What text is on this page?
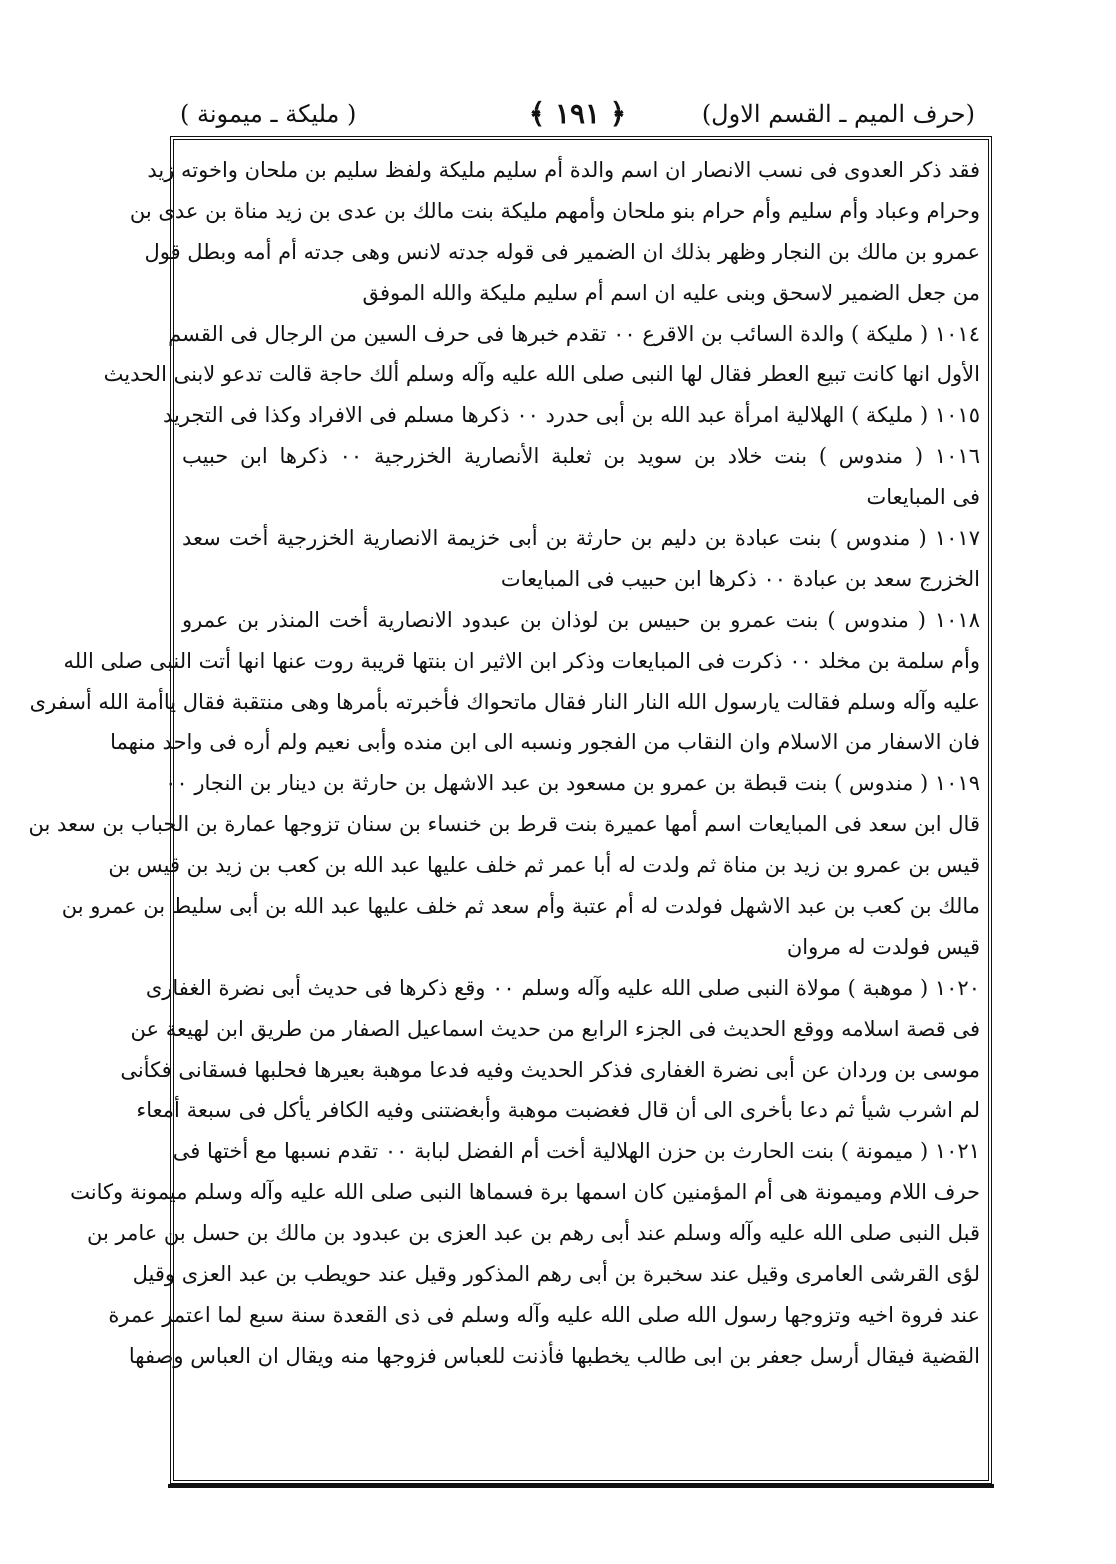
(حرف الميم ـ القسم الاول)
﴿ ١٩١ ﴾
( مليكة ـ ميمونة )
فقد ذكر العدوى فى نسب الانصار ان اسم والدة أم سليم مليكة ولفظ سليم بن ملحان واخوته زيد
وحرام وعباد وأم سليم وأم حرام بنو ملحان وأمهم مليكة بنت مالك بن عدى بن زيد مناة بن عدى بن
عمرو بن مالك بن النجار وظهر بذلك ان الضمير فى قوله جدته لانس وهى جدته أم أمه وبطل قول
من جعل الضمير لاسحق وبنى عليه ان اسم أم سليم مليكة والله الموفق
١٠١٤ ( مليكة ) والدة السائب بن الاقرع ٠٠ تقدم خبرها فى حرف السين من الرجال فى القسم
الأول انها كانت تبيع العطر فقال لها النبى صلى الله عليه وآله وسلم ألك حاجة قالت تدعو لابنى الحديث
١٠١٥ ( مليكة ) الهلالية امرأة عبد الله بن أبى حدرد ٠٠ ذكرها مسلم فى الافراد وكذا فى التجريد
١٠١٦ ( مندوس ) بنت خلاد بن سويد بن ثعلبة الأنصارية الخزرجية ٠٠ ذكرها ابن حبيب
فى المبايعات
١٠١٧ ( مندوس ) بنت عبادة بن دليم بن حارثة بن أبى خزيمة الانصارية الخزرجية أخت سعد
الخزرج سعد بن عبادة ٠٠ ذكرها ابن حبيب فى المبايعات
١٠١٨ ( مندوس ) بنت عمرو بن حبيس بن لوذان بن عبدود الانصارية أخت المنذر بن عمرو
وأم سلمة بن مخلد ٠٠ ذكرت فى المبايعات وذكر ابن الاثير ان بنتها قريبة روت عنها انها أتت النبى صلى الله
عليه وآله وسلم فقالت يارسول الله النار النار فقال ماتحواك فأخبرته بأمرها وهى منتقبة فقال ياأمة الله أسفرى
فان الاسفار من الاسلام وان النقاب من الفجور ونسبه الى ابن منده وأبى نعيم ولم أره فى واحد منهما
١٠١٩ ( مندوس ) بنت قبطة بن عمرو بن مسعود بن عبد الاشهل بن حارثة بن دينار بن النجار ٠٠
قال ابن سعد فى المبايعات اسم أمها عميرة بنت قرط بن خنساء بن سنان تزوجها عمارة بن الحباب بن سعد بن
قيس بن عمرو بن زيد بن مناة ثم ولدت له أبا عمر ثم خلف عليها عبد الله بن كعب بن زيد بن قيس بن
مالك بن كعب بن عبد الاشهل فولدت له أم عتبة وأم سعد ثم خلف عليها عبد الله بن أبى سليط بن عمرو بن
قيس فولدت له مروان
١٠٢٠ ( موهبة ) مولاة النبى صلى الله عليه وآله وسلم ٠٠ وقع ذكرها فى حديث أبى نضرة الغفارى
فى قصة اسلامه ووقع الحديث فى الجزء الرابع من حديث اسماعيل الصفار من طريق ابن لهيعة عن
موسى بن وردان عن أبى نضرة الغفارى فذكر الحديث وفيه فدعا موهبة بعيرها فحلبها فسقانى فكأنى
لم اشرب شيأ ثم دعا بأخرى الى أن قال فغضبت موهبة وأبغضتنى وفيه الكافر يأكل فى سبعة أمعاء
١٠٢١ ( ميمونة ) بنت الحارث بن حزن الهلالية أخت أم الفضل لبابة ٠٠ تقدم نسبها مع أختها فى
حرف اللام وميمونة هى أم المؤمنين كان اسمها برة فسماها النبى صلى الله عليه وآله وسلم ميمونة وكانت
قبل النبى صلى الله عليه وآله وسلم عند أبى رهم بن عبد العزى بن عبدود بن مالك بن حسل بن عامر بن
لؤى القرشى العامرى وقيل عند سخبرة بن أبى رهم المذكور وقيل عند حويطب بن عبد العزى وقيل
عند فروة اخيه وتزوجها رسول الله صلى الله عليه وآله وسلم فى ذى القعدة سنة سبع لما اعتمر عمرة
القضية فيقال أرسل جعفر بن ابى طالب يخطبها فأذنت للعباس فزوجها منه ويقال ان العباس وصفها
